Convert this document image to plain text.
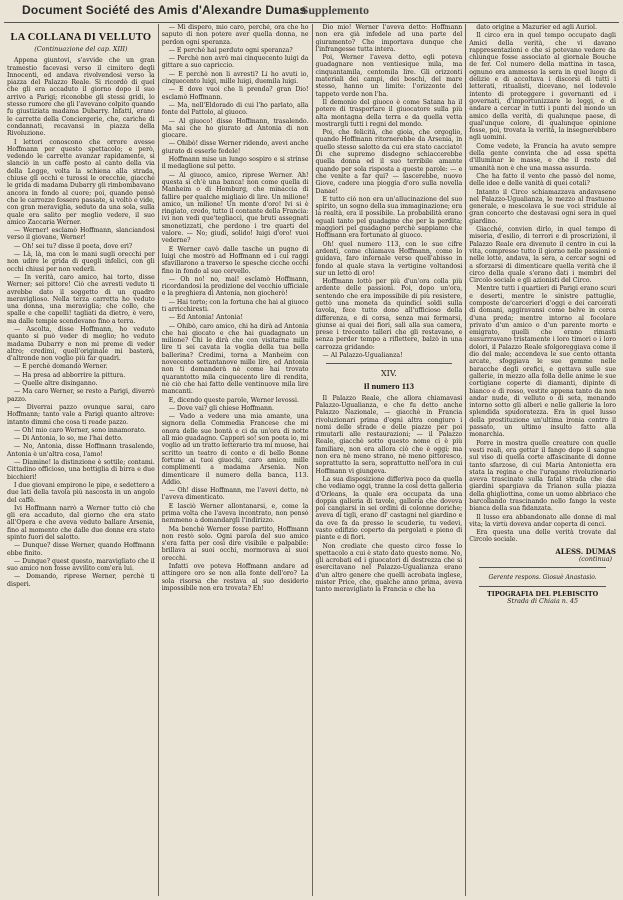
Document Société des Amis d'Alexandre Dumas
Supplemento
LA COLLANA DI VELLUTO
(Continuazione del cap. XIII)

Appena giuntovi, s'avvide che un gran tramestio facevasi verso il cimitero degli Innocenti, ed andava rivolvendosi verso la piazza del Palazzo Reale. Si ricordò di quel che gli era accaduto il giorno dopo il suo arrivo a Parigi; riconobbe gli stessi gridi, lo stesso rumore che gli l'avevano colpito quando fu giustiziata madama Dubarry. Infatti, erano le carrette della Conciergerie, che, cariche di condannati, recavansi in piazza della Rivoluzione.

I lettori conoscono che orrore avesse Hoffmann per questo spettacolo; e però, vedendo le carrette avanzar rapidamente, si slanciò in un caffè posto al canto della via della Legge, volta la schiena alla strada, chiuse gli occhi e turossi le orecchie, giacché le grida di madama Dubarry gli rimbombavano ancora in fondo al cuore; poi, quando pensò che le carrozze fossero passate, si voltò e vide, con gran meraviglia, seduto da una sola, sulla quale era salito per meglio vedere, il suo amico Zaccaria Werner.

— Werner! esclamò Hoffmann, slanciandosi verso il giovane, Werner!

— Oh! sei tu? disse il poeta, dove eri?

— Là, là, ma con le mani sugli orecchi per non udire le grida di quegli infelici, con gli occhi chiusi per non vederli.

— In verità, caro amico, hai torto, disse Werner; sei pittore! Ciò che avresti veduto ti avrebbe dato il soggetto di un quadro meraviglioso. Nella terza carretta ho veduto una donna, una meraviglia; che collo, che spalle e che capelli! tagliati da dietro, è vero, ma dalle tempie scendevano fino a terra.

— Ascolta, disse Hoffmann, ho veduto quanto si può veder di meglio; ho veduto madama Dubarry e non mi preme di veder altro; credimi, quell'originale mi basterà, d'altronde non voglio più far quadri.

— E perchè domandò Werner.

— Ha presa ad abborrire la pittura.

— Quelle altre disinganno.

— Ma caro Werner, se resto a Parigi, diverrò pazzo.

— Diverrai pazzo ovunque sarai, caro Hoffmann; tanto vale a Parigi quanto altrove: intanto dimmi che cosa ti reade pazzo.

— Oh! mio caro Werner, sono innamorato.

— Di Antonia, lo so, me l'hai detto.

— No, Antonia, disse Hoffmann trasalendo, Antonia è un'altra cosa, l'amo!

— Diamine! la distinzione è sottile; contami. Cittadino officioso, una bottiglia di birra e due bicchieri!

I due giovani empirono le pipe, e sedettero a due lati della tavola più nascosta in un angolo del caffè.

Ivi Hoffmann narrò a Werner tutto ciò che gli era accaduto, dal giorno che era stato all'Opera e che aveva veduto ballare Arsenia, fino al momento che dalle due donne era stato spinto fuori del salotto.

— Dunque? disse Werner, quando Hoffmann ebbe finito.

— Dunque? quest questo, maravigliato che il suo amico non fosse avvilito com'era lui.

— Domando, riprese Werner, perchè ti disperi.

— Mi dispero, mio caro, perché, ora che ho saputo di non potere aver quella donna, ne perdon ogni speranza.

— E perché hai perduto ogni speranza?

— Perchè non avrò mai cinquecento luigi da gittare a suo capriccio.

— E perchè non li avresti? Li ho avuti io, cinquecento luigi, mille luigi, duemila luigi.

— E dove vuoi che li prenda? gran Dio! esclamò Hoffmann.

— Ma, nell'Eldorado di cui l'ho parlato, alla fonte del Pattolo, al giuoco.

— Al giuoco! disse Hoffmann, trasalendo. Ma sai che ho giurato ad Antonia di non giocare.

— Ohibò! disse Werner ridendo, avevi anche giurato di esserle fedele!

Hoffmann mise un lungo sospiro e si strinse il medaglione sul petto.

— Al giuoco, amico, riprese Werner. Ah! questa sì ch'è una banca! non come quella di Manheim o di Homburg, che minaccia di fallire per qualche migliaio di lire. Un milione! amico, un milione! Un monte d'oro! Ivi si è ringiato, credo, tutto il contante della Francia: ivi non vedi que'tegliacci, que bruti assegnati smonetizzati, che perdono i tre quarti del valore. — No; giudi, solido! luigi d'oro! vuoi vederne?

E Werner cavò dalle tasche un pugno di luigi che mostrò ad Hoffmann ed i cui raggi sfavillarono a traverso le spesche cicche occhi fino in fondo al suo cervello.

— Oh no! no, mai! esclamò Hoffmann, ricordandosi la predizione del vecchio ufficiale e la preghiera di Antonia, non giocherò!

— Hai torto; con la fortuna che hai al giuoco ti arricchiresti.

— Ed Antonia! Antonia!

— Ohibò, caro amico, chi ha dirà ad Antonia che hai giocato e che hai guadagnato un milione? Chi le dirà che con visitarne mille lire ti sei cavata la voglia della tua bella ballerina? Credimi, torna a Manheim con novecento settantanove mille lire, ed Antonia non ti domanderà nè come hai trovato quarantotto mila cinquecento lire di rendita, nè ciò che hai fatto delle ventinuove mila lire mancanti.

E, dicendo queste parole, Werner levossi.

— Dove vai? gli chiese Hoffmann.

— Vado a vedere una mia amante, una signora della Commedia Francese che mi onora delle sue bontà e ci da un'ora di notte all mio guadagno. Capperi so! son poeta io, mi voglio ad un tratto letterario tra mi muose, hai scritto un teatro di conto e di bello Bonne fortune ai tuoi giuochi, caro amico, mille complimenti a madama Arsenia. Non dimenticare il numero della banca, 113. Addio.

— Oh! disse Hoffmann, me l'avevi detto, nè l'aveva dimenticato.

E lasciò Werner allontanarsi, e, come la prima volta che l'aveva incontrato, non pensò nemmeno a domandargli l'indirizzo.

Ma benchè Werner fosse partito, Hoffmann non restò solo. Ogni parola del suo amico s'era fatta per così dire visibile e palpabile: brillava ai suoi occhi, mormorava ai suoi orecchi.

Infatti ove poteva Hoffmann andare ad attingere oro se non alla fonte dell'oro? La sola risorsa che restava al suo desiderio impossibile non era trovata? Eh!

Dio mio! Werner l'aveva detto: Hoffmann non era già infedele ad una parte del giuramento? Che importava dunque che l'infrangesse tutta intera.

Poi, Werner l'aveva detto, egli poteva guadagnare non ventiesique mila, ma cinquantamila, centomila lire. Gli orizzonti materiali dei campi, dei boschi, del mare stesso, hanno un limite: l'orizzonte del tappeto verde non l'ha.

Il demonio del giuoco è come Satana ha il potere di trasportare il giuocatore sulla più alta montagna della terra e da quella vetta mostrargli tutti i regni del mondo.

Poi, che felicità, che gioia, che orgoglio, quando Hoffmann ritornerebbe da Arsenia, in quello stesso salotto da cui era stato cacciato! Di che supremo disdegno schiaccerebbe quella donna ed il suo terribile amante quando per sola risposta a queste parole: — e che venite a far qui? — lascerebbe, nuovo Giove, cadere una pioggia d'oro sulla novella Danae!

E tutto ciò non era un'allucinazione del suo spirito, un sogno della sua immaginazione; era la realtà, era il possibile. La probabilità erano eguali tanto pel guadagno che per la perdita; maggiori pel guadagno perchè sappiamo che Hoffmann era fortunato al giuoco.

Oh! quel numero 113, con le sue cifre ardenti, come chiamava Hoffmann, come lo guidava, faro infernale verso quell'abisso in fondo al quale stava la vertigine voltandosi sur un letto di oro!

Hoffmann lottò per più d'un'ora colla più ardente delle passioni. Poi, dopo un'ora, sentendo che era impossibile di più resistere, gettò una moneta da quindici soldi sulla tavola, fece tutto dono all'ufficioso della differenza, e di corsa, senza mai fermarsi, giunse ai quai dei fiori, salì alla sua camera, prese i trecento talleri che gli restavano, e senza perder tempo a riflettere, balzò in una carrozza gridando:

— Al Palazzo-Ugualianza!

XIV.
Il numero 113

Il Palazzo Reale, che allora chiamavasi Palazzo-Ugualianza, e che fu detto anche Palazzo Nazionale, — giacchè in Francia rivoluzionari prima d'ogni altra congiuro i nomi delle strade e delle piazze per poi rimutarli alle restaurazioni; — il Palazzo Reale, giacchè sotto questo nome ci è più familiare, non era allora ciò che è oggi; ma non era nè meno strano, nè meno pittoresco, soprattutto la sera, soprattutto nell'ora in cui Hoffmann vi giungeva.

La sua disposizione differiva poco da quella che vediamo oggi, tranne la così detta galleria d'Orleans, la quale era occupata da una doppia galleria di tavole, galleria che doveva poi cangiarsi in sei ordini di colonne doriche; aveva di tigli, erano dl' castagni nel giardino e da ove fa da presso le scuderie, tu vedevi, vasto edifizio coperto da pergolati e pieno di piante e di fiori.

Non crediate che questo circo fosse lo spettacolo a cui è stato dato questo nome. No, gli acrobati ed i giuocatori di destrezza che si esercitavano nel Palazzo-Ugualianza erano d'un altro genere che quelli acrobata inglese, mister Price, che, qualche anno prima, aveva tanto meravigliato la Francia e che ha

dato origine a Mazurier ed agli Auriol.

Il circo era in quel tempo occupato dagli Amici della verità, che vi davano rappresentazioni e che si potevano vedere da chiunque fosse associato al giornale Bouche de fer. Col numero della mattina in tasca, ognuno era ammesso la sera in quel luogo di delizie e di accoltava i discorsi di tutti i letterati, ritualisti, dicevano, nel lodevole intento di proteggere i governanti ed i governati, d'importunizzare le leggi, e di andare a cercar in tutti i punti del mondo un amico della verità, di qualunque paese, di qual'unque colore, di qualunque opinione fosse, poi, trovata la verità, la insegnerebbero agli uomini.

Come vedete, la Francia ha avuto sempre della gente convinta che ad essa spetta d'illuminar le masse, e che il resto del umanità non è che una massa assurda.

Che ha fatto il vento che passò del nome, delle idee e delle vanità di quei cotali?

Intanto il Circo schiamazzava andavasene nel Palazzo-Ugualianza, le mezzo al frastuono generale, e mescolava le sue voci stridule al gran concerto che destavasi ogni sera in quel giardino.

Giacché, convien dirlo, in quel tempo di miseria, d'esilio, di terrori e di proscrizioni, il Palazzo Reale era divenuto il centro in cui la vita, compresso tutto il giorno nelle passioni e nelle lotte, andava, la sera, a cercar sogni ed a sforzarsi di dimenticare quella verità che il circo della quale s'erano dati i membri del Circolo sociale e gli azionisti del Circo.

Mentre tutti i quartieri di Parigi erano scuri e deserti, mentre le sinistre pattuglie, composte de'carcerieri d'oggi e dei carcerati di domani, aggiravansi come belve in cerca d'una preda; mentre intorno al focolare privato d'un amico o d'un parente morto e emigrato, quelli che erano rimasti ausurrravano tristamente i loro timori o i loro dolori, il Palazzo Reale sfolgoreggiava come il dio del male; accendeva le sue cento ottanta arcate, sfoggiava le sue gemme nelle baracche degli orefici, e gettava sulle sue gallerie, in mezzo alla folla delle anime le sue cortigiane coperte di diamanti, dipinte di bianco e di rosso, vestite appena tanto da non andar nude, di velluto o di seta, menando intorno sotto gli alberi e nelle gallerie la loro splendida spudoratezza. Era in quel lusso della prostituzione un'ultima ironia contro il passato, un ultimo insulto fatto alla monarchia.

Porre in mostra quelle creature con quelle vesti reali, era gettar il fango dopo il sangue sul viso di quella corte affascinante di donne tanto sfarzose, di cui Maria Antonietta era stata la regina e che l'uragano rivoluzionario aveva trascinato sulla fatal strada che dai giardini spargiava da Trianon sulla piazza della ghigliottina, come un uomo abbriaco che barcollando trascinando nello fango la veste bianca della sua fidanzata.

Il lusso era abbandonato alle donne di mal vita; la virtù doveva andar coperta di cenci.

Era questa una delle verità trovate dal Circolo sociale.

ALESS. DUMAS
(continua)
Gerente respons. Giosuè Anastasio.
TIPOGRAFIA DEL PLEBISCITO
Strada di Chiaia n. 45
